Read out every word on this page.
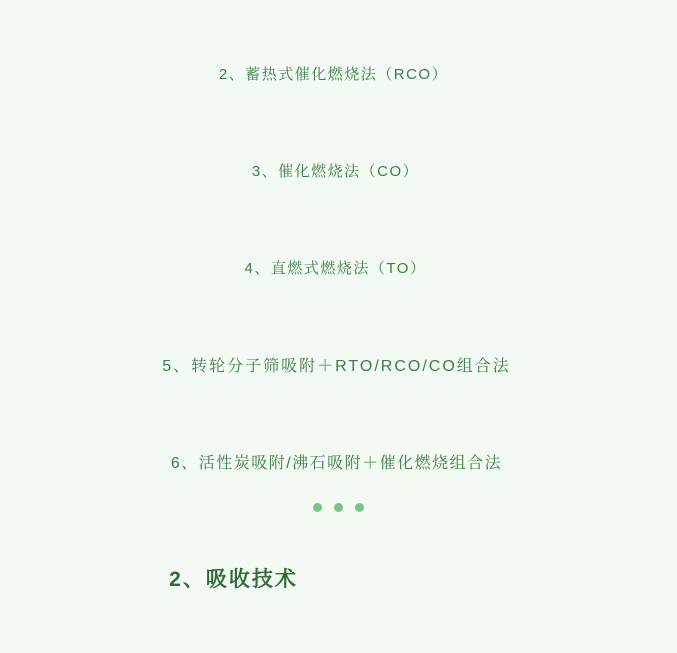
2、蓄热式催化燃烧法（RCO）
3、催化燃烧法（CO）
4、直燃式燃烧法（TO）
5、转轮分子筛吸附＋RTO/RCO/CO组合法
6、活性炭吸附/沸石吸附＋催化燃烧组合法
2、吸收技术
